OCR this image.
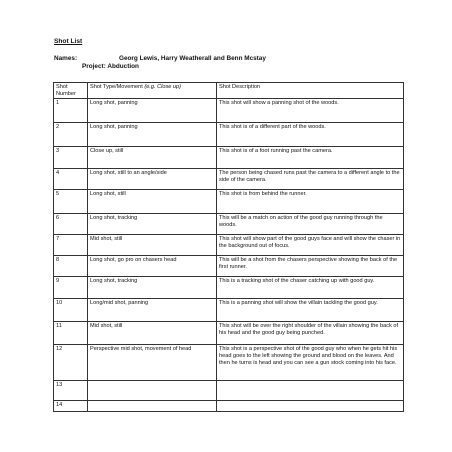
Shot List
Names:	Georg Lewis, Harry Weatherall and Benn Mcstay
Project: Abduction
Shot Number	Shot Type/Movement (e.g. Close up)	Shot Description
1	Long shot, panning	This shot will show a panning shot of the woods.
2	Long shot, panning	This shot is of a different part of the woods.
3	Close up, still	This shot is of a foot running past the camera.
4	Long shot, still to an angle/side	The person being chased runs past the camera to a different angle to the side of the camera.
5	Long shot, still	This shot is from behind the runner.
6	Long shot, tracking	This will be a match on action of the good guy running through the woods.
7	Mid shot, still	This shot will show part of the good guys face and will show the chaser in the background out of focus.
8	Long shot, go pro on chasers head	This will be a shot from the chasers perspective showing the back of the first runner.
9	Long shot, tracking	This is a tracking shot of the chaser catching up with good guy.
10	Long/mid shot, panning	This is a panning shot will show the villain tackling the good guy.
11	Mid shot, still	This shot will be over the right shoulder of the villain showing the back of his head and the good guy being punched.
12	Perspective mid shot, movement of head	This shot is a perspective shot of the good guy who when he gets hit his head goes to the left showing the ground and blood on the leaves. And then he turns is head and you can see a gun stock coming into his face.
13		
14		
